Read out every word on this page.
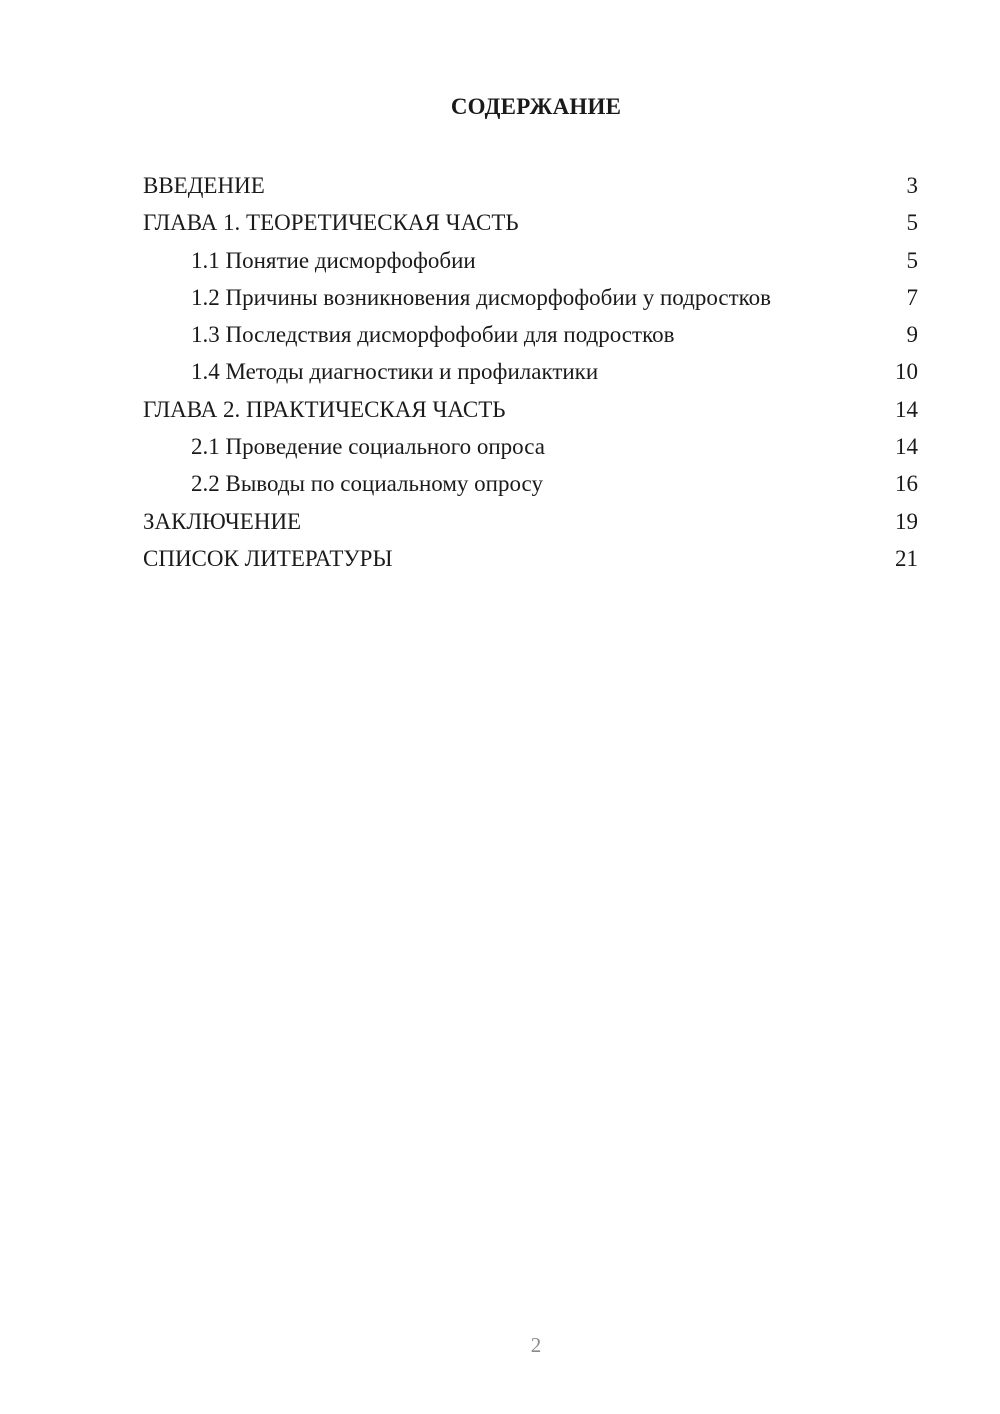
СОДЕРЖАНИЕ
ВВЕДЕНИЕ	3
ГЛАВА 1. ТЕОРЕТИЧЕСКАЯ ЧАСТЬ	5
1.1 Понятие дисморфофобии	5
1.2 Причины возникновения дисморфофобии у подростков	7
1.3 Последствия дисморфофобии для подростков	9
1.4 Методы диагностики и профилактики	10
ГЛАВА 2. ПРАКТИЧЕСКАЯ ЧАСТЬ	14
2.1 Проведение социального опроса	14
2.2 Выводы по социальному опросу	16
ЗАКЛЮЧЕНИЕ	19
СПИСОК ЛИТЕРАТУРЫ	21
2
